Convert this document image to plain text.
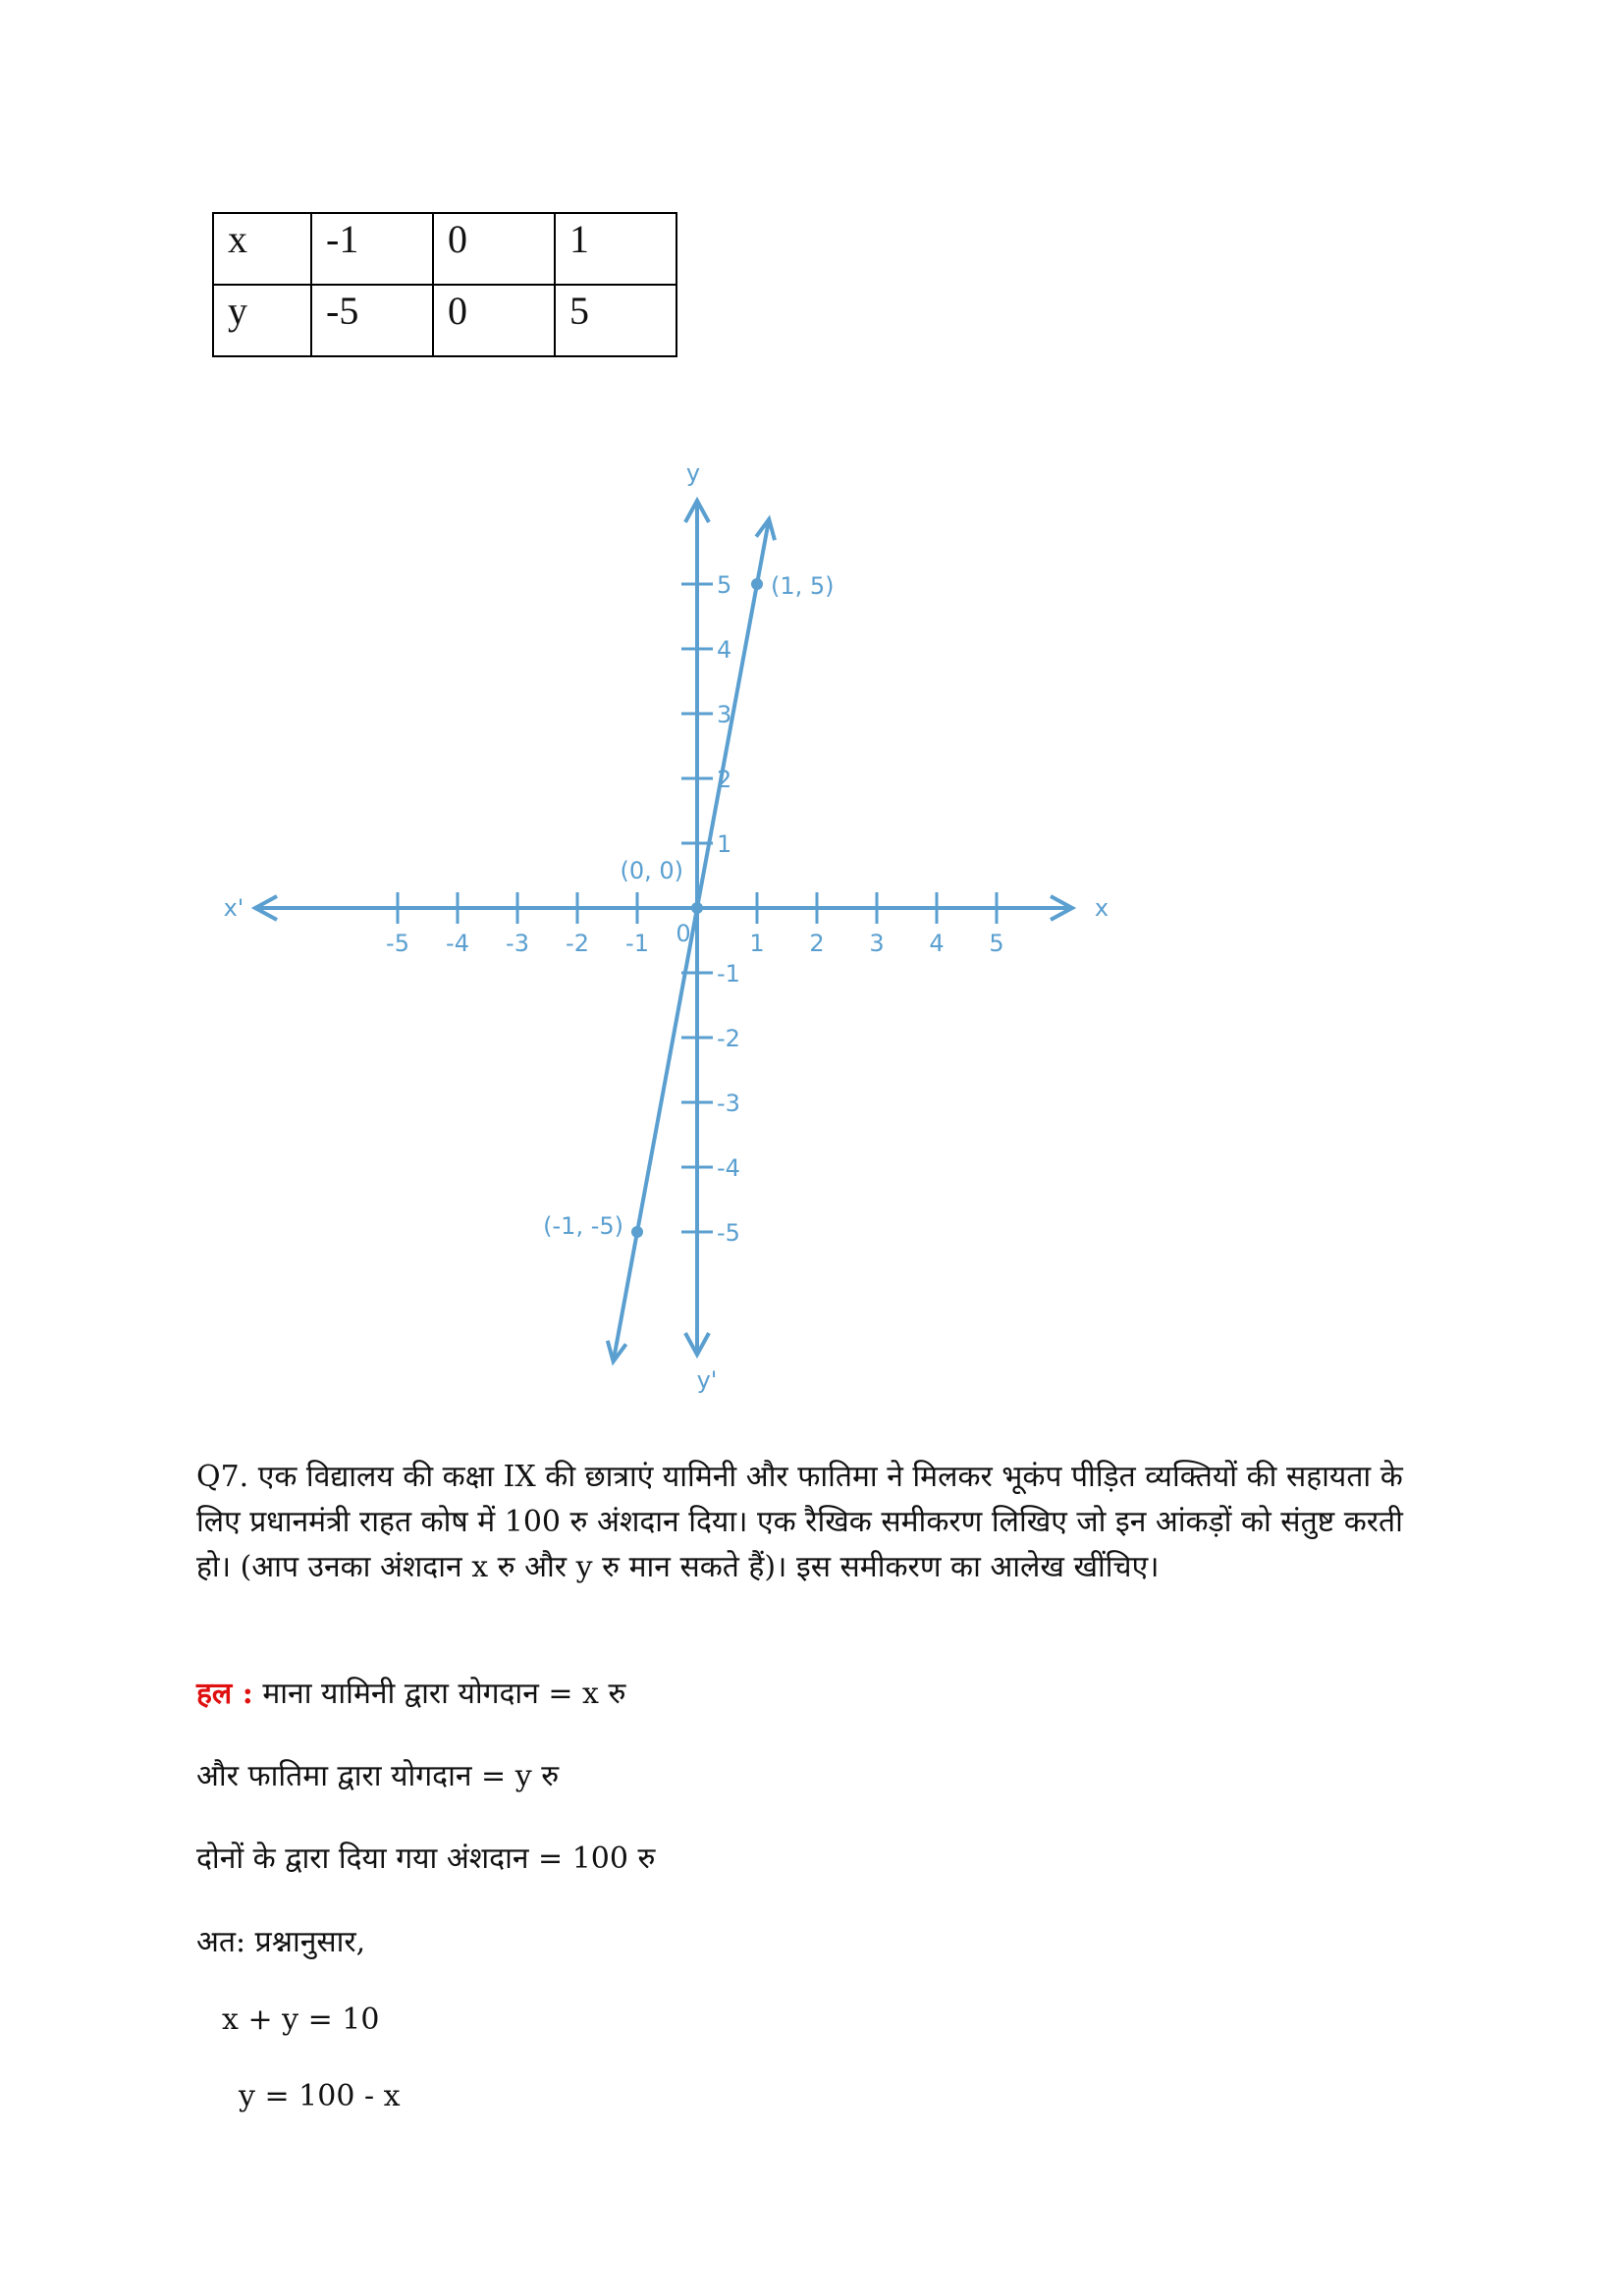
x	-1	0	1
y	-5	0	5
x
x'
y
y'
0
-5 -4 -3 -2 -1	1 2 3 4 5
5
4
3
2
1
-1
-2
-3
-4
-5
(-1, -5)
(0, 0)
(1, 5)
Q7. एक विद्यालय की कक्षा IX की छात्राएं यामिनी और फातिमा ने मिलकर भूकंप पीड़ित व्यक्तियों की सहायता के लिए प्रधानमंत्री राहत कोष में 100 रु अंशदान दिया। एक रैखिक समीकरण लिखिए जो इन आंकड़ों को संतुष्ट करती हो। (आप उनका अंशदान x रु और y रु मान सकते हैं)। इस समीकरण का आलेख खींचिए।
हल : माना यामिनी द्वारा योगदान = x रु
और फातिमा द्वारा योगदान = y रु
दोनों के द्वारा दिया गया अंशदान = 100 रु
अत: प्रश्नानुसार,
x + y = 10
y = 100 - x
